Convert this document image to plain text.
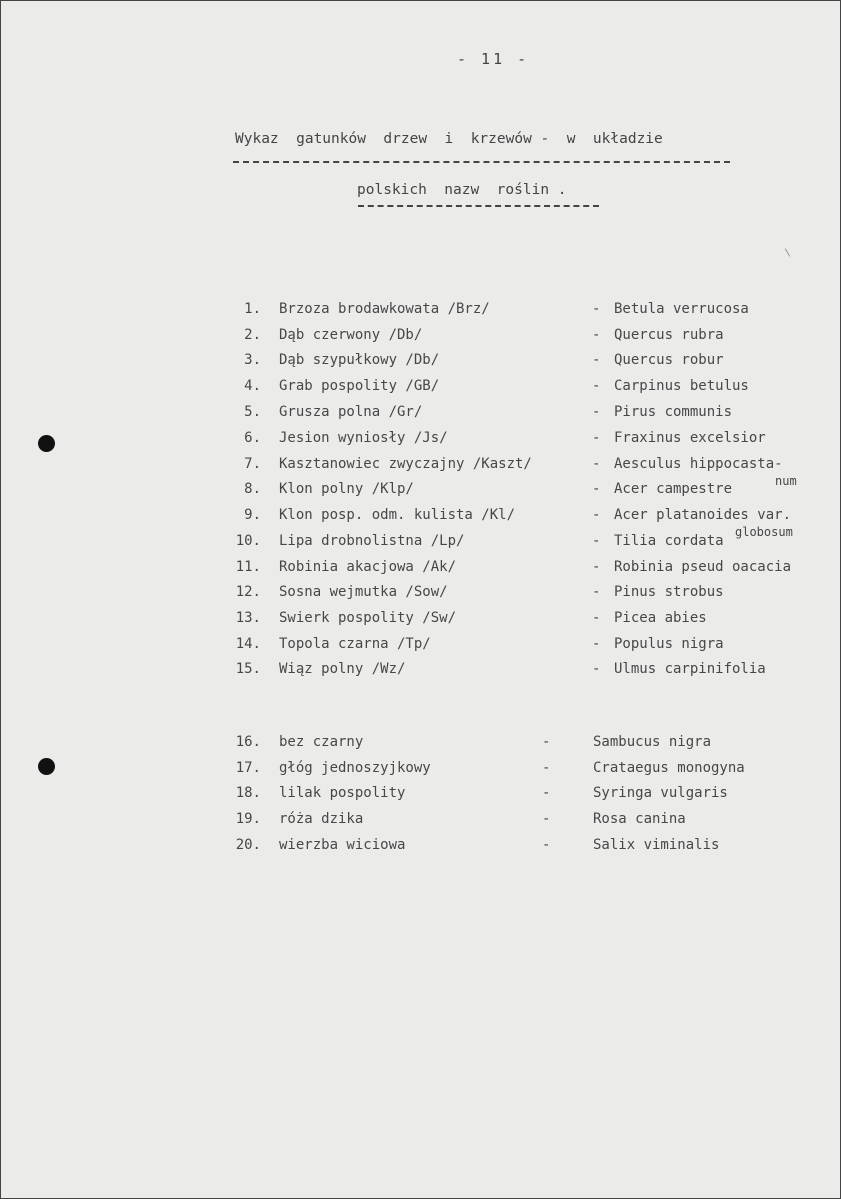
- 11 -
Wykaz  gatunków  drzew  i  krzewów -  w  układzie
polskich  nazw  roślin .
1. Brzoza brodawkowata /Brz/	- Betula verrucosa
2. Dąb czerwony /Db/	- Quercus rubra
3. Dąb szypułkowy /Db/	- Quercus robur
4. Grab pospolity /GB/	- Carpinus betulus
5. Grusza polna /Gr/	- Pirus communis
6. Jesion wyniosły /Js/	- Fraxinus excelsior
7. Kasztanowiec zwyczajny /Kaszt/	- Aesculus hippocasta-
8. Klon polny /Klp/	- Acer campestre
9. Klon posp. odm. kulista /Kl/	- Acer platanoides var.
10. Lipa drobnolistna /Lp/	- Tilia cordata
11. Robinia akacjowa /Ak/	- Robinia pseud oacacia
12. Sosna wejmutka /Sow/	- Pinus strobus
13. Swierk pospolity /Sw/	- Picea abies
14. Topola czarna /Tp/	- Populus nigra
15. Wiąz polny /Wz/	- Ulmus carpinifolia
num
globosum
16. bez czarny	-	Sambucus nigra
17. głóg jednoszyjkowy	-	Crataegus monogyna
18. lilak pospolity	-	Syringa vulgaris
19. róża dzika	-	Rosa canina
20. wierzba wiciowa	-	Salix viminalis
